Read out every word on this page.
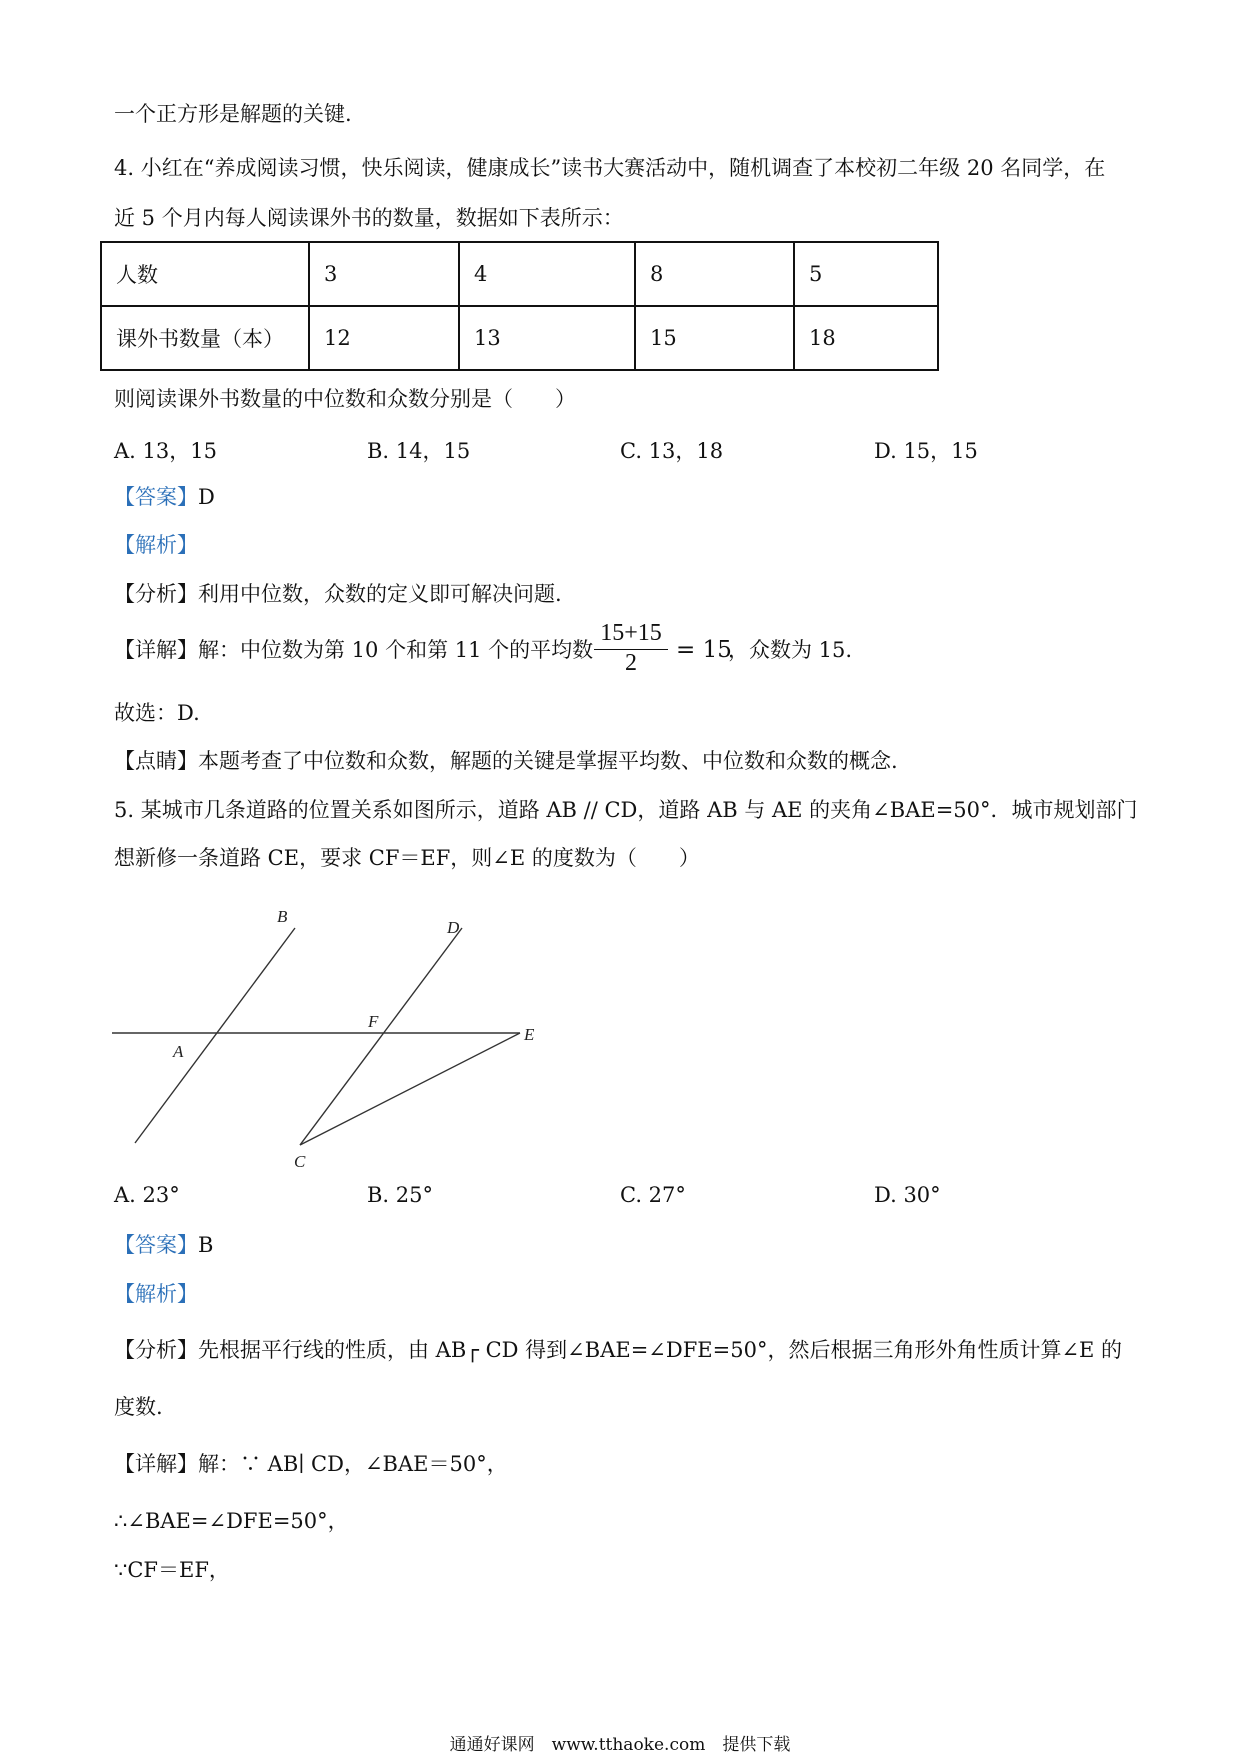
一个正方形是解题的关键.
4. 小红在“养成阅读习惯，快乐阅读，健康成长”读书大赛活动中，随机调查了本校初二年级 20 名同学，在
近 5 个月内每人阅读课外书的数量，数据如下表所示：
人数	3	4	8	5
课外书数量（本）	12	13	15	18
则阅读课外书数量的中位数和众数分别是（　　）
A. 13，15	B. 14，15	C. 13，18	D. 15，15
【答案】D
【解析】
【分析】利用中位数，众数的定义即可解决问题.
【详解】解：中位数为第 10 个和第 11 个的平均数
15+15
2	= 15
，众数为 15.
故选：D.
【点睛】本题考查了中位数和众数，解题的关键是掌握平均数、中位数和众数的概念.
5. 某城市几条道路的位置关系如图所示，道路 AB // CD，道路 AB 与 AE 的夹角∠BAE=50°．城市规划部门
想新修一条道路 CE，要求 CF＝EF，则∠E 的度数为（　　）
B
D
A
F
E
C
A. 23°	B. 25°	C. 27°	D. 30°
【答案】B
【解析】
【分析】先根据平行线的性质，由 AB┌ CD 得到∠BAE=∠DFE=50°，然后根据三角形外角性质计算∠E 的
度数.
【详解】解：∵ AB∣ CD，∠BAE＝50°，
∴∠BAE=∠DFE=50°，
∵CF＝EF，
通通好课网　www.tthaoke.com　提供下载
